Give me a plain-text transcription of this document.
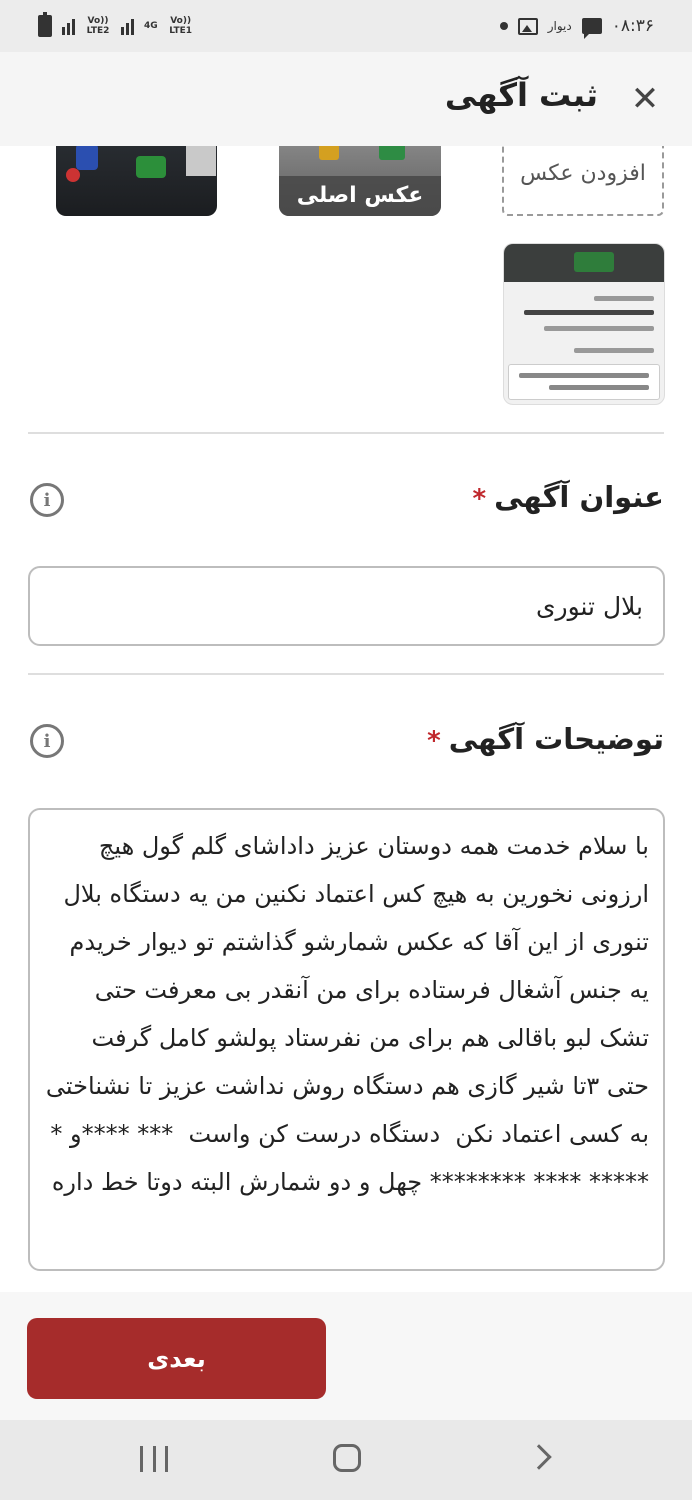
Vo)) LTE2	4G Vo)) LTE1	دیوار ۰۸:۳۶
✕
ثبت آگهی
عکس اصلی
افزودن عکس
عنوان آگهی*
i
بلال تنوری
توضیحات آگهی*
i
با سلام خدمت همه دوستان عزیز داداشای گلم گول هیچ ارزونی نخورین به هیچ کس اعتماد نکنین من یه دستگاه بلال تنوری از این آقا که عکس شمارشو گذاشتم تو دیوار خریدم یه جنس آشغال فرستاده برای من آنقدر بی معرفت حتی تشک لبو باقالی هم برای من نفرستاد پولشو کامل گرفت حتی ۳تا شیر گازی هم دستگاه روش نداشت عزیز تا نشناختی به کسی اعتماد نکن دستگاه درست کن واست *** ****و * ***** **** ******** چهل و دو شمارش البته دوتا خط داره
بعدی
